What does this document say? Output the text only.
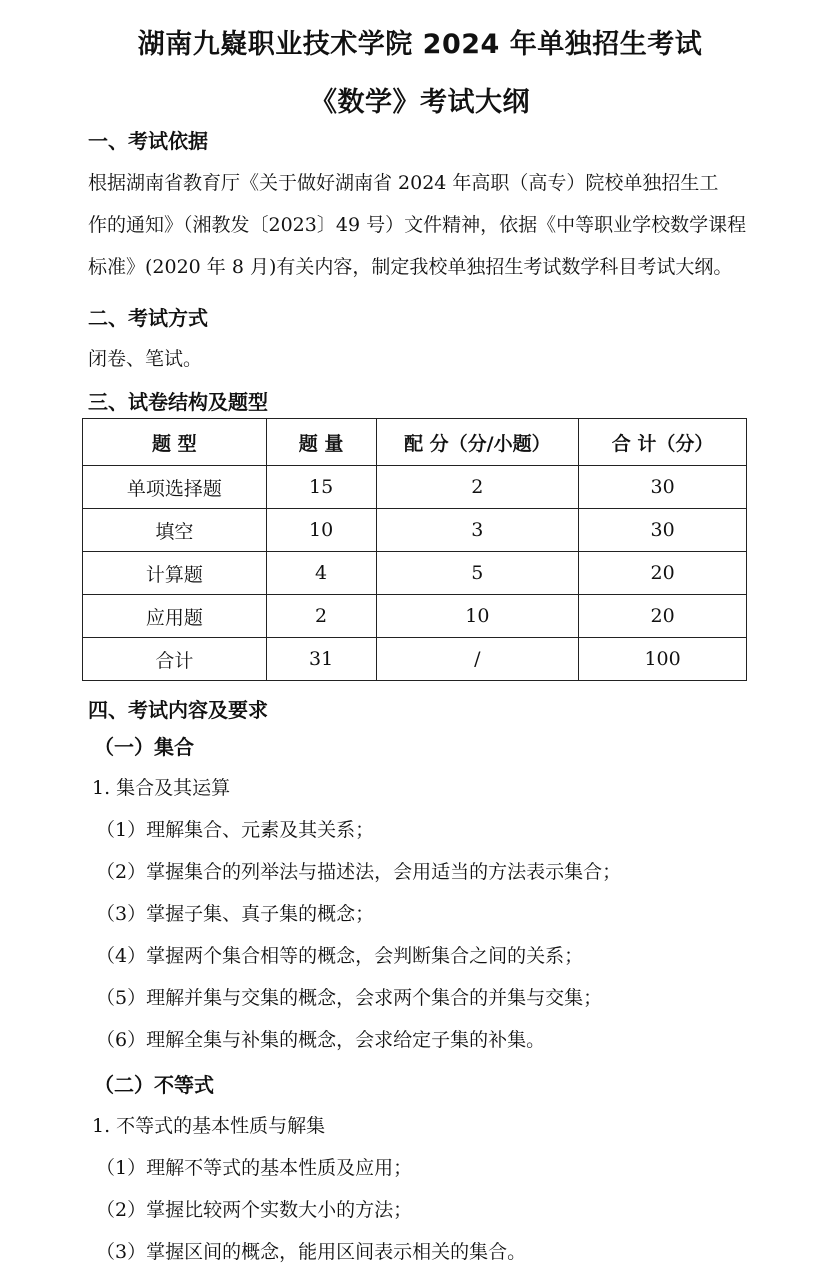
湖南九嶷职业技术学院 2024 年单独招生考试
《数学》考试大纲
一、考试依据
根据湖南省教育厅《关于做好湖南省 2024 年高职（高专）院校单独招生工
作的通知》（湘教发〔2023〕49 号）文件精神，依据《中等职业学校数学课程
标准》(2020 年 8 月)有关内容，制定我校单独招生考试数学科目考试大纲。
二、考试方式
闭卷、笔试。
三、试卷结构及题型
题 型	题 量	配 分（分/小题）	合 计（分）
单项选择题	15	2	30
填空	10	3	30
计算题	4	5	20
应用题	2	10	20
合计	31	/	100
四、考试内容及要求
（一）集合
1. 集合及其运算
（1）理解集合、元素及其关系；
（2）掌握集合的列举法与描述法，会用适当的方法表示集合；
（3）掌握子集、真子集的概念；
（4）掌握两个集合相等的概念，会判断集合之间的关系；
（5）理解并集与交集的概念，会求两个集合的并集与交集；
（6）理解全集与补集的概念，会求给定子集的补集。
（二）不等式
1. 不等式的基本性质与解集
（1）理解不等式的基本性质及应用；
（2）掌握比较两个实数大小的方法；
（3）掌握区间的概念，能用区间表示相关的集合。
